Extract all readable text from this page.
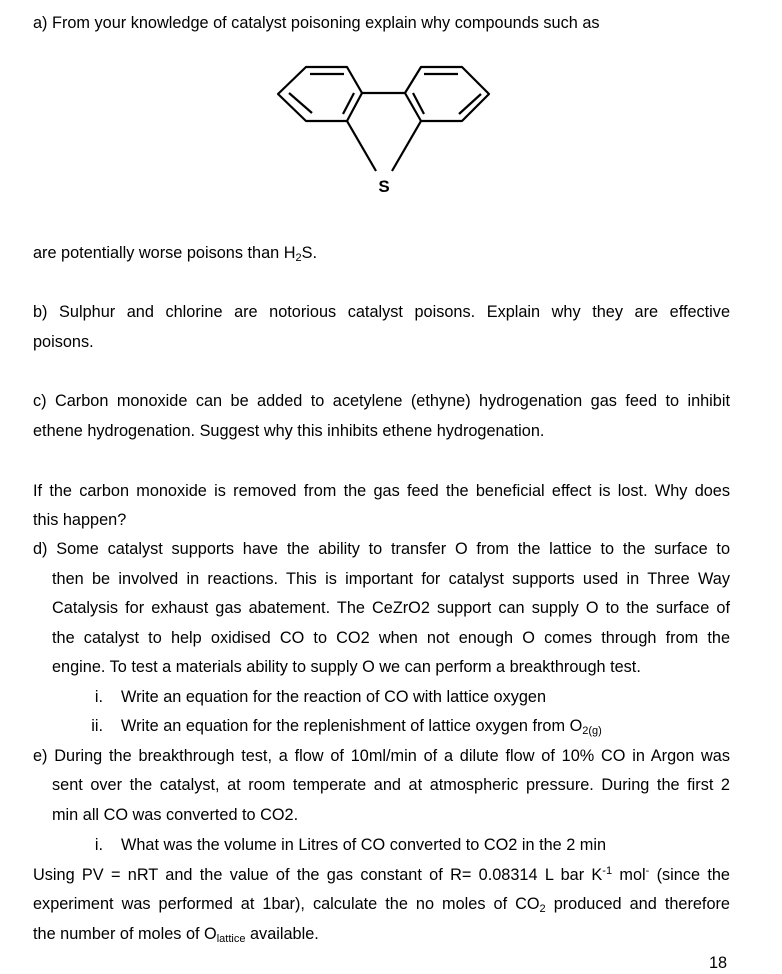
a) From your knowledge of catalyst poisoning explain why compounds such as
S
are potentially worse poisons than $H_2S$.
b) Sulphur and chlorine are notorious catalyst poisons. Explain why they are effective
poisons.
c) Carbon monoxide can be added to acetylene (ethyne) hydrogenation gas feed to inhibit
ethene hydrogenation. Suggest why this inhibits ethene hydrogenation.
If the carbon monoxide is removed from the gas feed the beneficial effect is lost. Why does
this happen?
d) Some catalyst supports have the ability to transfer O from the lattice to the surface to
then be involved in reactions. This is important for catalyst supports used in Three Way
Catalysis for exhaust gas abatement. The CeZrO2 support can supply O to the surface of
the catalyst to help oxidised CO to CO2 when not enough O comes through from the
engine. To test a materials ability to supply O we can perform a breakthrough test.
i. Write an equation for the reaction of CO with lattice oxygen
ii. Write an equation for the replenishment of lattice oxygen from $O_{2(g)}$
e) During the breakthrough test, a flow of 10ml/min of a dilute flow of 10% CO in Argon was
sent over the catalyst, at room temperate and at atmospheric pressure. During the first 2
min all CO was converted to CO2.
i. What was the volume in Litres of CO converted to CO2 in the 2 min
Using PV = nRT and the value of the gas constant of R= 0.08314 L bar $K^{-1}$ mol- (since the
experiment was performed at 1bar), calculate the no moles of $CO_2$ produced and therefore
the number of moles of $O_{lattice}$ available.
18
